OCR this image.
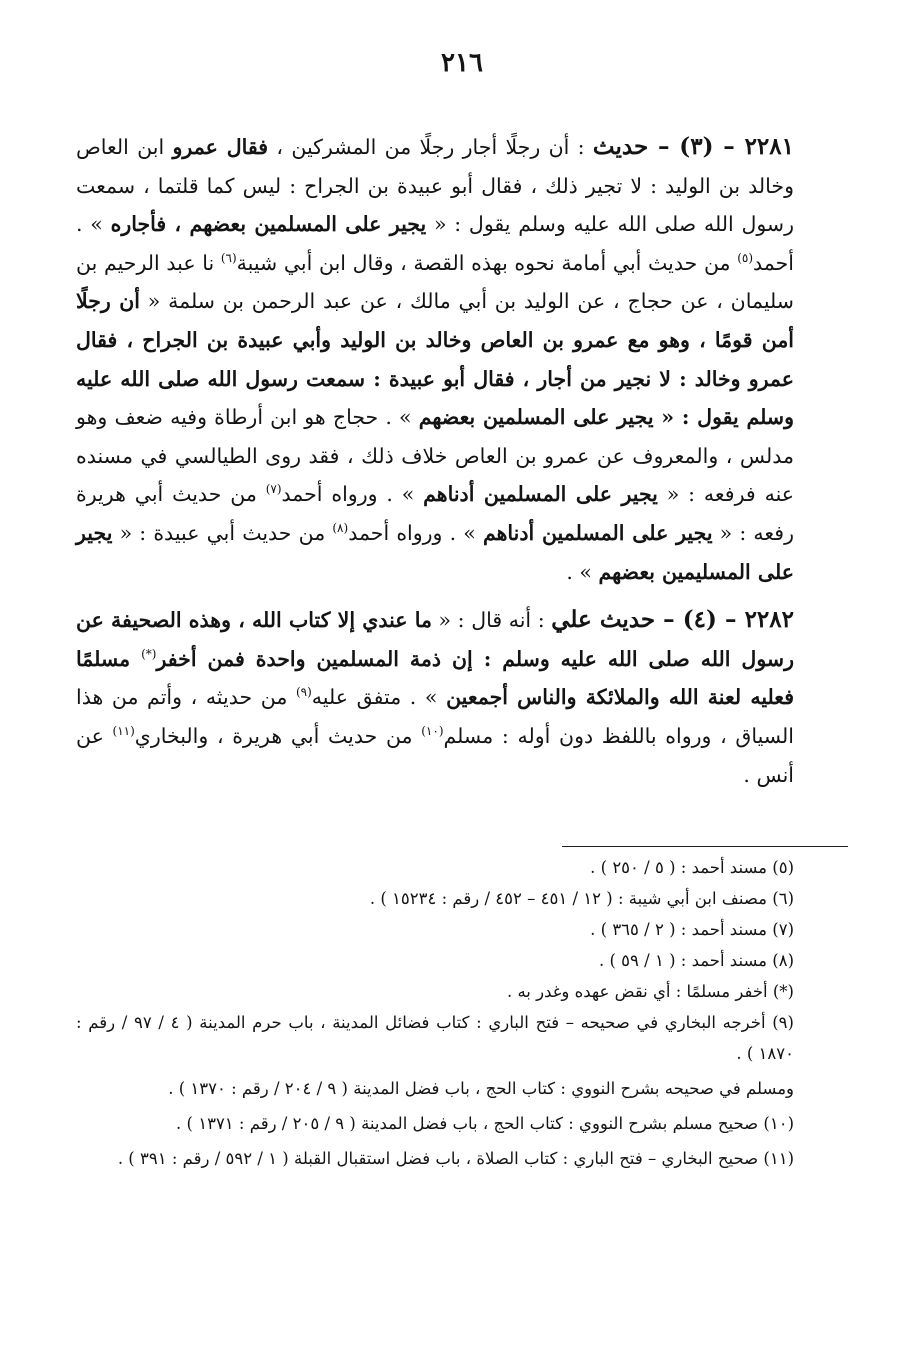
٢١٦

٢٢٨١ – (٣) – حديث : أن رجلًا أجار رجلًا من المشركين ، فقال عمرو ابن العاص وخالد بن الوليد : لا تجير ذلك ، فقال أبو عبيدة بن الجراح : ليس كما قلتما ، سمعت رسول الله صلى الله عليه وسلم يقول : « يجير على المسلمين بعضهم ، فأجاره » . أحمد$^{(٥)}$ من حديث أبي أمامة نحوه بهذه القصة ، وقال ابن أبي شيبة$^{(٦)}$ نا عبد الرحيم بن سليمان ، عن حجاج ، عن الوليد بن أبي مالك ، عن عبد الرحمن بن سلمة « أن رجلًا أمن قومًا ، وهو مع عمرو بن العاص وخالد بن الوليد وأبي عبيدة بن الجراح ، فقال عمرو وخالد : لا نجير من أجار ، فقال أبو عبيدة : سمعت رسول الله صلى الله عليه وسلم يقول : « يجير على المسلمين بعضهم » . حجاج هو ابن أرطاة وفيه ضعف وهو مدلس ، والمعروف عن عمرو بن العاص خلاف ذلك ، فقد روى الطيالسي في مسنده عنه فرفعه : « يجير على المسلمين أدناهم » . ورواه أحمد$^{(٧)}$ من حديث أبي هريرة رفعه : « يجير على المسلمين أدناهم » . ورواه أحمد$^{(٨)}$ من حديث أبي عبيدة : « يجير على المسليمين بعضهم » .

٢٢٨٢ – (٤) – حديث علي : أنه قال : « ما عندي إلا كتاب الله ، وهذه الصحيفة عن رسول الله صلى الله عليه وسلم : إن ذمة المسلمين واحدة فمن أخفر(*) مسلمًا فعليه لعنة الله والملائكة والناس أجمعين » . متفق عليه$^{(٩)}$ من حديثه ، وأتم من هذا السياق ، ورواه باللفظ دون أوله : مسلم$^{(١٠)}$ من حديث أبي هريرة ، والبخاري$^{(١١)}$ عن أنس .

(٥) مسند أحمد : ( ٥ / ٢٥٠ ) .
(٦) مصنف ابن أبي شيبة : ( ١٢ / ٤٥١ – ٤٥٢ / رقم : ١٥٢٣٤ ) .
(٧) مسند أحمد : ( ٢ / ٣٦٥ ) .
(٨) مسند أحمد : ( ١ / ٥٩ ) .
(*) أخفر مسلمًا : أي نقض عهده وغدر به .
(٩) أخرجه البخاري في صحيحه – فتح الباري : كتاب فضائل المدينة ، باب حرم المدينة ( ٤ / ٩٧ / رقم : ١٨٧٠ ) .
ومسلم في صحيحه بشرح النووي : كتاب الحج ، باب فضل المدينة ( ٩ / ٢٠٤ / رقم : ١٣٧٠ ) .
(١٠) صحيح مسلم بشرح النووي : كتاب الحج ، باب فضل المدينة ( ٩ / ٢٠٥ / رقم : ١٣٧١ ) .
(١١) صحيح البخاري – فتح الباري : كتاب الصلاة ، باب فضل استقبال القبلة ( ١ / ٥٩٢ / رقم : ٣٩١ ) .
